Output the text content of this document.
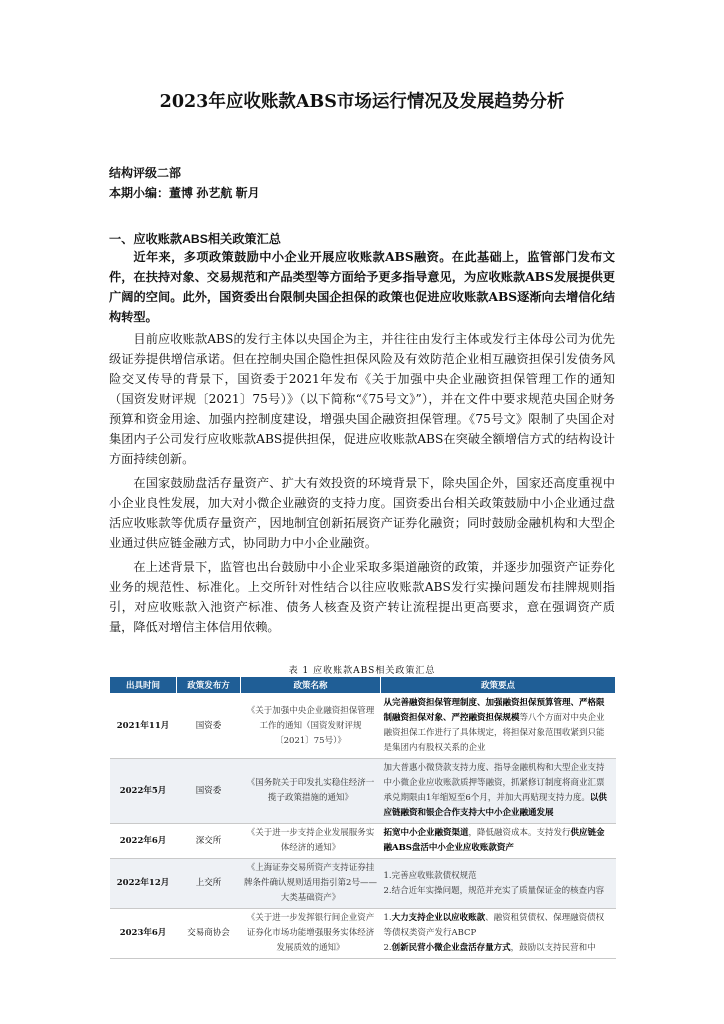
2023年应收账款ABS市场运行情况及发展趋势分析
结构评级二部
本期小编：董博 孙艺航 靳月
一、应收账款ABS相关政策汇总

近年来，多项政策鼓励中小企业开展应收账款ABS融资。在此基础上，监管部门发布文件，在扶持对象、交易规范和产品类型等方面给予更多指导意见，为应收账款ABS发展提供更广阔的空间。此外，国资委出台限制央国企担保的政策也促进应收账款ABS逐渐向去增信化结构转型。

目前应收账款ABS的发行主体以央国企为主，并往往由发行主体或发行主体母公司为优先级证券提供增信承诺。但在控制央国企隐性担保风险及有效防范企业相互融资担保引发债务风险交叉传导的背景下，国资委于2021年发布《关于加强中央企业融资担保管理工作的通知（国资发财评规〔2021〕75号）》（以下简称“《75号文》”），并在文件中要求规范央国企财务预算和资金用途、加强内控制度建设，增强央国企融资担保管理。《75号文》限制了央国企对集团内子公司发行应收账款ABS提供担保，促进应收账款ABS在突破全额增信方式的结构设计方面持续创新。

在国家鼓励盘活存量资产、扩大有效投资的环境背景下，除央国企外，国家还高度重视中小企业良性发展，加大对小微企业融资的支持力度。国资委出台相关政策鼓励中小企业通过盘活应收账款等优质存量资产，因地制宜创新拓展资产证券化融资；同时鼓励金融机构和大型企业通过供应链金融方式，协同助力中小企业融资。

在上述背景下，监管也出台鼓励中小企业采取多渠道融资的政策，并逐步加强资产证券化业务的规范性、标准化。上交所针对性结合以往应收账款ABS发行实操问题发布挂牌规则指引，对应收账款入池资产标准、债务人核查及资产转让流程提出更高要求，意在强调资产质量，降低对增信主体信用依赖。

表 1 应收账款ABS相关政策汇总
出具时间	政策发布方	政策名称	政策要点
2021年11月	国资委	《关于加强中央企业融资担保管理工作的通知（国资发财评规〔2021〕75号）》	从完善融资担保管理制度、加强融资担保预算管理、严格限制融资担保对象、严控融资担保规模等八个方面对中央企业融资担保工作进行了具体规定，将担保对象范围收紧到只能是集团内有股权关系的企业
2022年5月	国资委	《国务院关于印发扎实稳住经济一揽子政策措施的通知》	加大普惠小微贷款支持力度、指导金融机构和大型企业支持中小微企业应收账款质押等融资，抓紧修订制度将商业汇票承兑期限由1年缩短至6个月，并加大再贴现支持力度。以供应链融资和银企合作支持大中小企业融通发展
2022年6月	深交所	《关于进一步支持企业发展服务实体经济的通知》	拓宽中小企业融资渠道，降低融资成本。支持发行供应链金融ABS盘活中小企业应收账款资产
2022年12月	上交所	《上海证券交易所资产支持证券挂牌条件确认规则适用指引第2号——大类基础资产》	1.完善应收账款债权规范
2.结合近年实操问题，规范并充实了质量保证金的核查内容

2023年6月	交易商协会	《关于进一步发挥银行间企业资产证券化市场功能增强服务实体经济发展质效的通知》	1.大力支持企业以应收账款、融资租赁债权、保理融资债权等债权类资产发行ABCP
2.创新民营小微企业盘活存量方式，鼓励以支持民营和中
